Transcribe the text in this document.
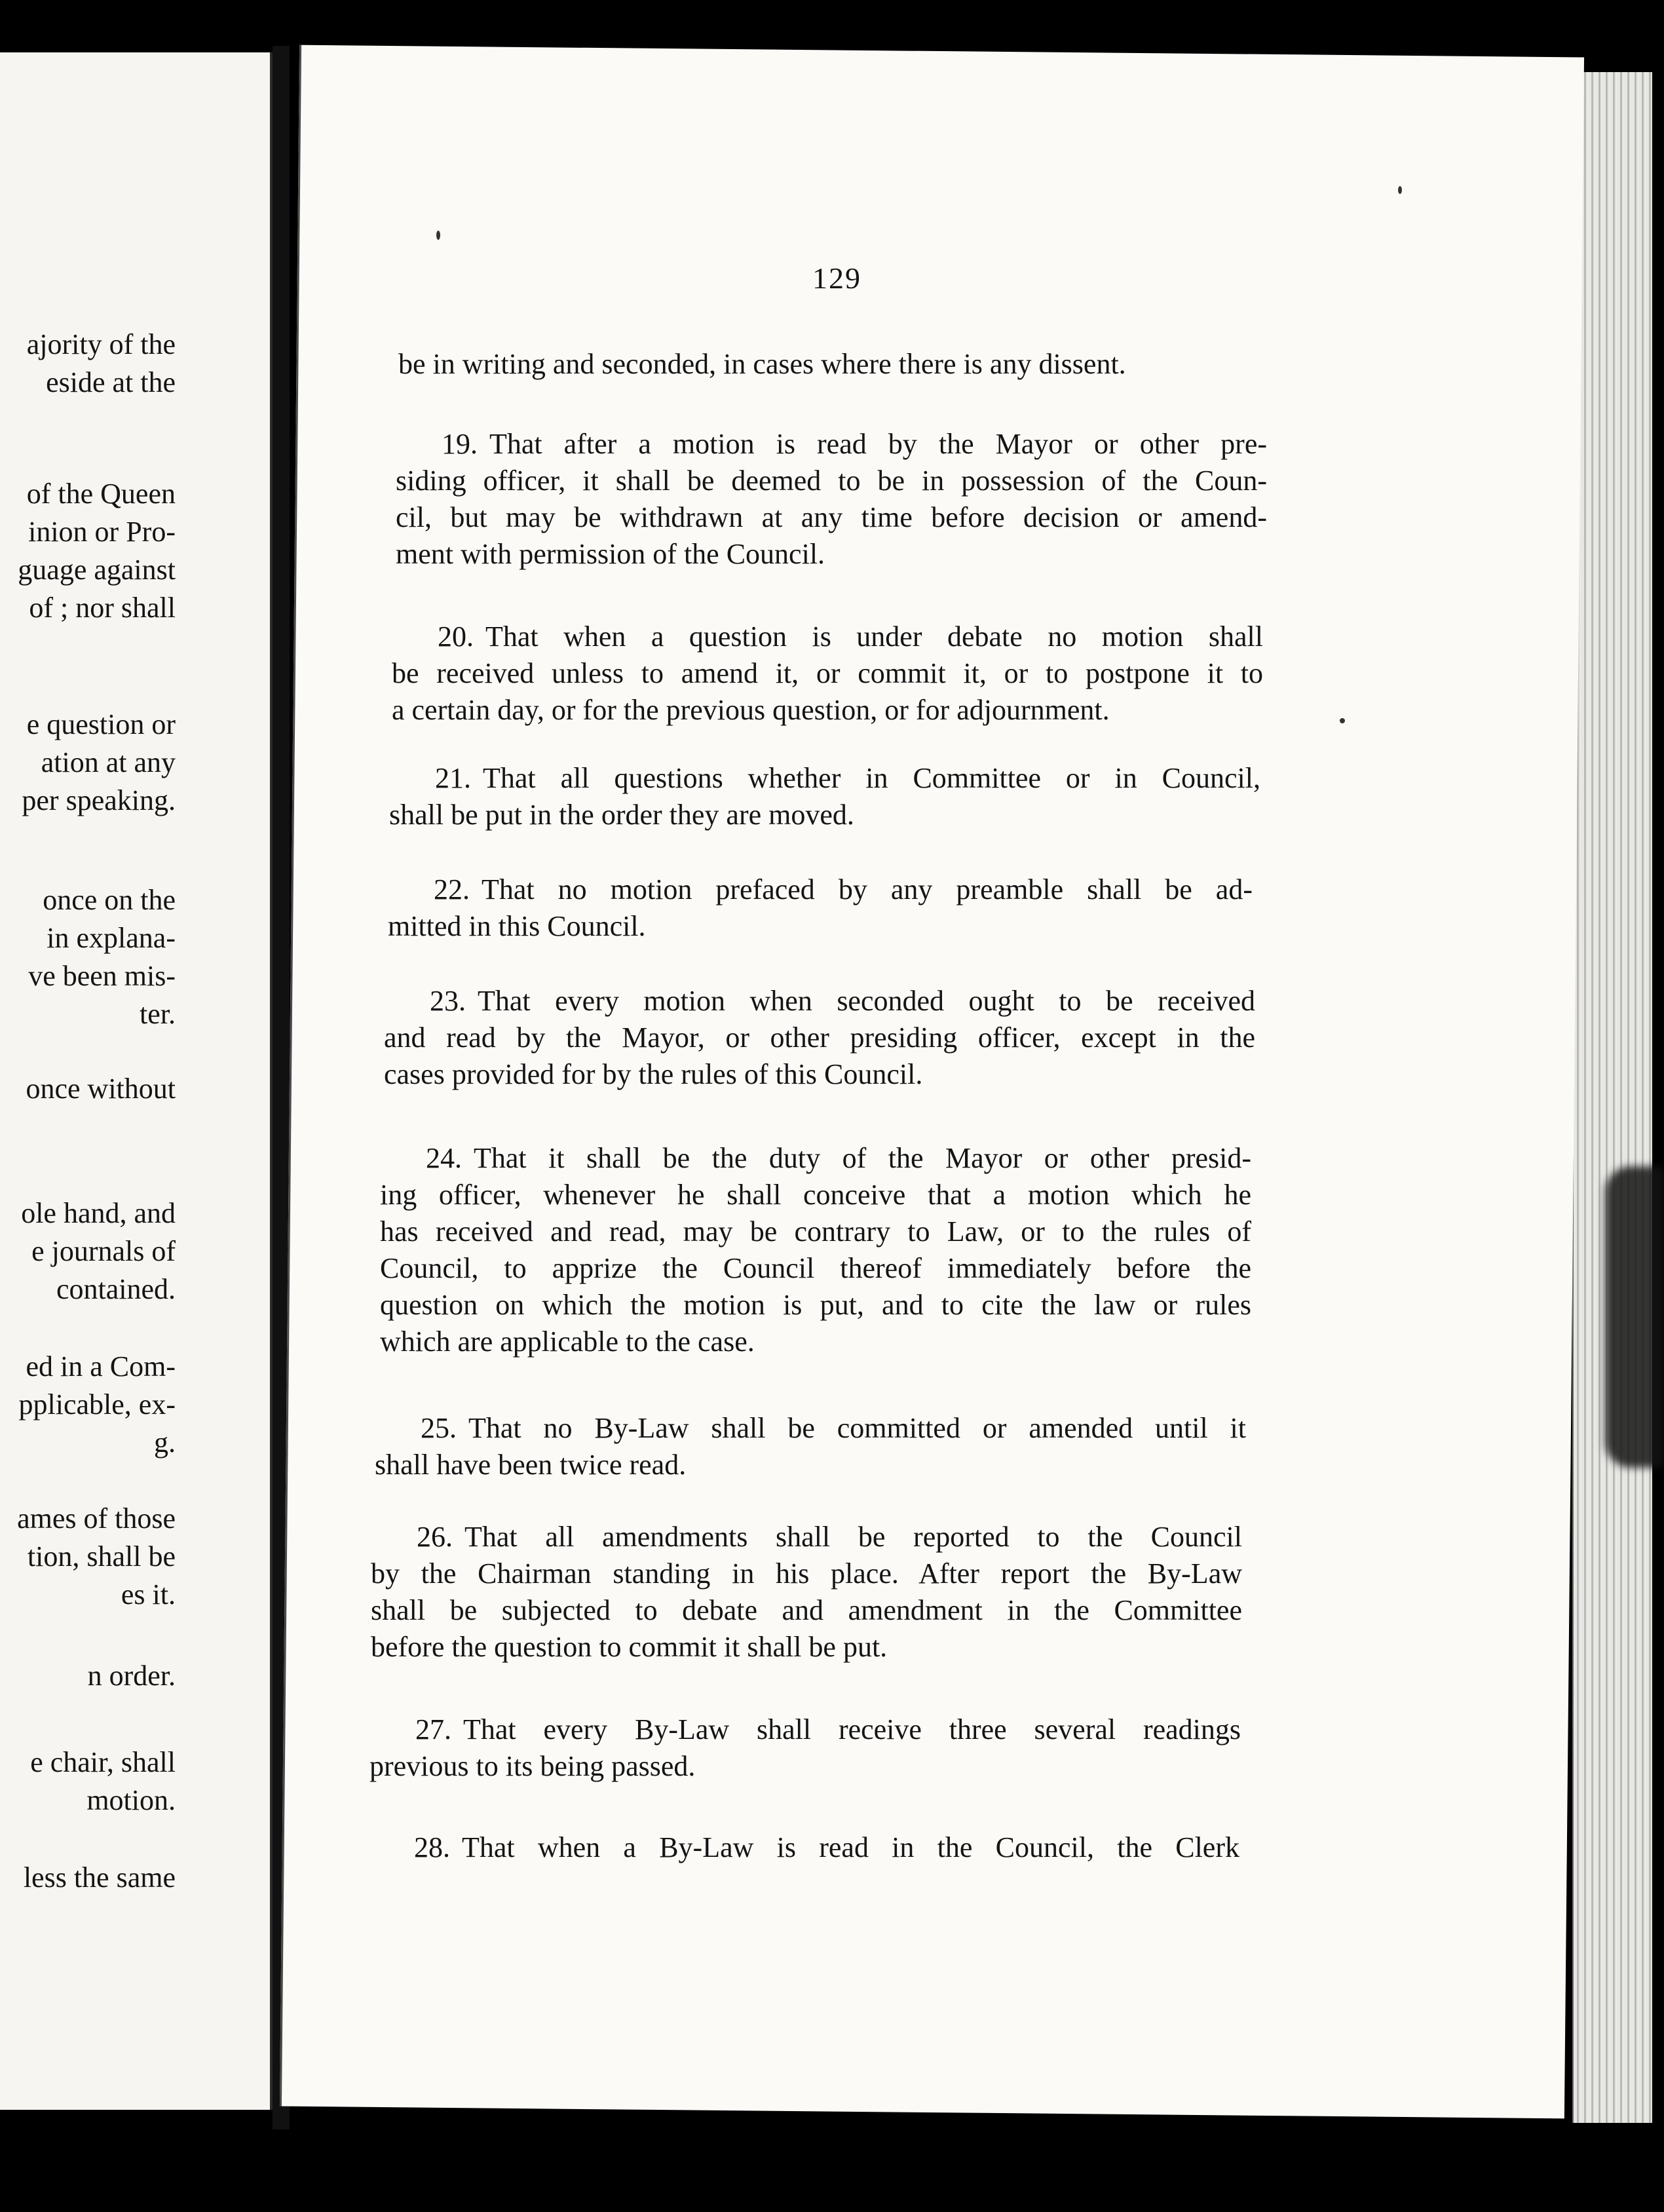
ajority of the
eside at the
of the Queen
inion or Pro-
guage against
of ; nor shall
e question or
ation at any
per speaking.
once on the
in explana-
ve been mis-
ter.
once without
ole hand, and
e journals of
contained.
ed in a Com-
pplicable, ex-
g.
ames of those
tion, shall be
es it.
n order.
e chair, shall
motion.
less the same

129

be in writing and seconded, in cases where there is any dissent.

19. That after a motion is read by the Mayor or other pre-
siding officer, it shall be deemed to be in possession of the Coun-
cil, but may be withdrawn at any time before decision or amend-
ment with permission of the Council.
20. That when a question is under debate no motion shall
be received unless to amend it, or commit it, or to postpone it to
a certain day, or for the previous question, or for adjournment.
21. That all questions whether in Committee or in Council,
shall be put in the order they are moved.
22. That no motion prefaced by any preamble shall be ad-
mitted in this Council.
23. That every motion when seconded ought to be received
and read by the Mayor, or other presiding officer, except in the
cases provided for by the rules of this Council.
24. That it shall be the duty of the Mayor or other presid-
ing officer, whenever he shall conceive that a motion which he
has received and read, may be contrary to Law, or to the rules of
Council, to apprize the Council thereof immediately before the
question on which the motion is put, and to cite the law or rules
which are applicable to the case.
25. That no By-Law shall be committed or amended until it
shall have been twice read.
26. That all amendments shall be reported to the Council
by the Chairman standing in his place. After report the By-Law
shall be subjected to debate and amendment in the Committee
before the question to commit it shall be put.
27. That every By-Law shall receive three several readings
previous to its being passed.
28. That when a By-Law is read in the Council, the Clerk
